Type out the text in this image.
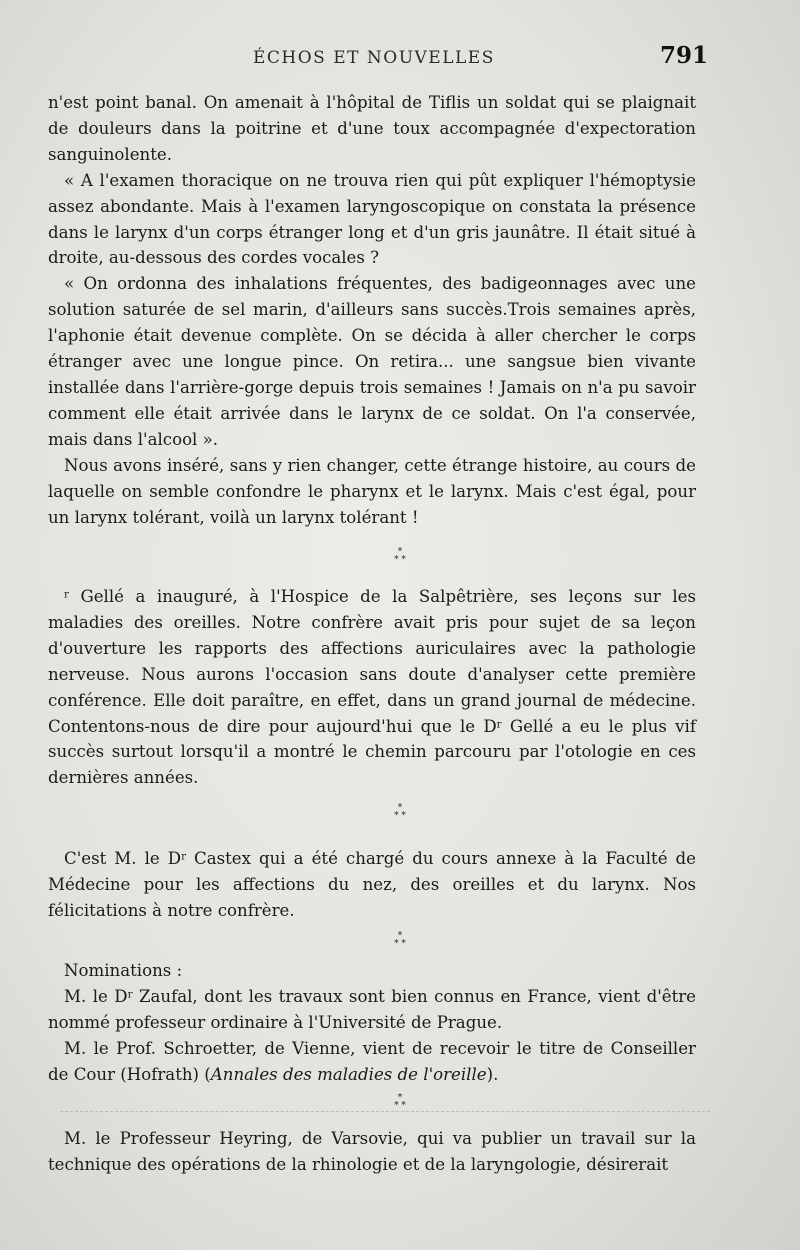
ÉCHOS ET NOUVELLES	791

n'est point banal. On amenait à l'hôpital de Tiflis un soldat qui se plaignait de douleurs dans la poitrine et d'une toux accompagnée d'expectoration sanguinolente.

« A l'examen thoracique on ne trouva rien qui pût expliquer l'hémoptysie assez abondante. Mais à l'examen laryngoscopique on constata la présence dans le larynx d'un corps étranger long et d'un gris jaunâtre. Il était situé à droite, au-dessous des cordes vocales ?

« On ordonna des inhalations fréquentes, des badigeonnages avec une solution saturée de sel marin, d'ailleurs sans succès.Trois semaines après, l'aphonie était devenue complète. On se décida à aller chercher le corps étranger avec une longue pince. On retira... une sangsue bien vivante installée dans l'arrière-gorge depuis trois semaines ! Jamais on n'a pu savoir comment elle était arrivée dans le larynx de ce soldat. On l'a conservée, mais dans l'alcool ».

Nous avons inséré, sans y rien changer, cette étrange histoire, au cours de laquelle on semble confondre le pharynx et le larynx. Mais c'est égal, pour un larynx tolérant, voilà un larynx tolérant !

*
* *

$^r$ Gellé a inauguré, à l'Hospice de la Salpêtrière, ses leçons sur les maladies des oreilles. Notre confrère avait pris pour sujet de sa leçon d'ouverture les rapports des affections auriculaires avec la pathologie nerveuse. Nous aurons l'occasion sans doute d'analyser cette première conférence. Elle doit paraître, en effet, dans un grand journal de médecine. Contentons-nous de dire pour aujourd'hui que le $D^r$ Gellé a eu le plus vif succès surtout lorsqu'il a montré le chemin parcouru par l'otologie en ces dernières années.

*
* *

C'est M. le $D^r$ Castex qui a été chargé du cours annexe à la Faculté de Médecine pour les affections du nez, des oreilles et du larynx. Nos félicitations à notre confrère.

*
* *

Nominations :

M. le $D^r$ Zaufal, dont les travaux sont bien connus en France, vient d'être nommé professeur ordinaire à l'Université de Prague.

M. le Prof. Schroetter, de Vienne, vient de recevoir le titre de Conseiller de Cour (Hofrath) (Annales des maladies de l'oreille).

*
* *

M. le Professeur Heyring, de Varsovie, qui va publier un travail sur la technique des opérations de la rhinologie et de la laryngologie, désirerait
